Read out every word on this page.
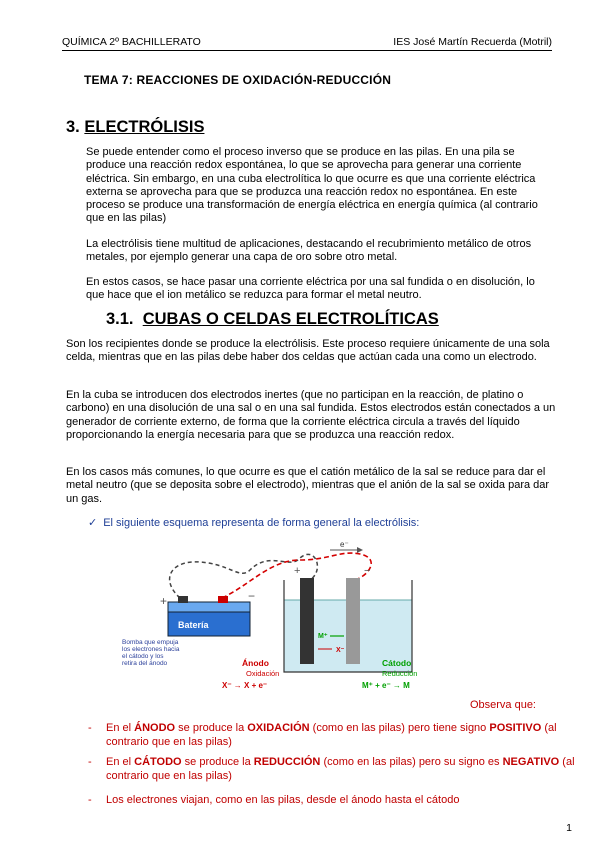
QUÍMICA 2º BACHILLERATO	IES José Martín Recuerda (Motril)
TEMA 7: REACCIONES DE OXIDACIÓN-REDUCCIÓN
3. ELECTRÓLISIS

Se puede entender como el proceso inverso que se produce en las pilas. En una pila se produce una reacción redox espontánea, lo que se aprovecha para generar una corriente eléctrica. Sin embargo, en una cuba electrolítica lo que ocurre es que una corriente eléctrica externa se aprovecha para que se produzca una reacción redox no espontánea. En este proceso se produce una transformación de energía eléctrica en energía química (al contrario que en las pilas)

La electrólisis tiene multitud de aplicaciones, destacando el recubrimiento metálico de otros metales, por ejemplo generar una capa de oro sobre otro metal.

En estos casos, se hace pasar una corriente eléctrica por una sal fundida o en disolución, lo que hace que el ion metálico se reduzca para formar el metal neutro.

3.1. CUBAS O CELDAS ELECTROLÍTICAS

Son los recipientes donde se produce la electrólisis. Este proceso requiere únicamente de una sola celda, mientras que en las pilas debe haber dos celdas que actúan cada una como un electrodo.

En la cuba se introducen dos electrodos inertes (que no participan en la reacción, de platino o carbono) en una disolución de una sal o en una sal fundida. Estos electrodos están conectados a un generador de corriente externo, de forma que la corriente eléctrica circula a través del líquido proporcionando la energía necesaria para que se produzca una reacción redox.

En los casos más comunes, lo que ocurre es que el catión metálico de la sal se reduce para dar el metal neutro (que se deposita sobre el electrodo), mientras que el anión de la sal se oxida para dar un gas.

✓ El siguiente esquema representa de forma general la electrólisis:
e⁻
Batería
+	−
Bomba que empuja
los electrones hacia
el cátodo y los
retira del ánodo
+	−
M⁺
X⁻
Ánodo
Oxidación
X⁻ → X + e⁻
Cátodo
Reducción
M⁺ + e⁻ → M
Observa que:
- En el ÁNODO se produce la OXIDACIÓN (como en las pilas) pero tiene signo POSITIVO (al contrario que en las pilas)
- En el CÁTODO se produce la REDUCCIÓN (como en las pilas) pero su signo es NEGATIVO (al contrario que en las pilas)
- Los electrones viajan, como en las pilas, desde el ánodo hasta el cátodo
1
